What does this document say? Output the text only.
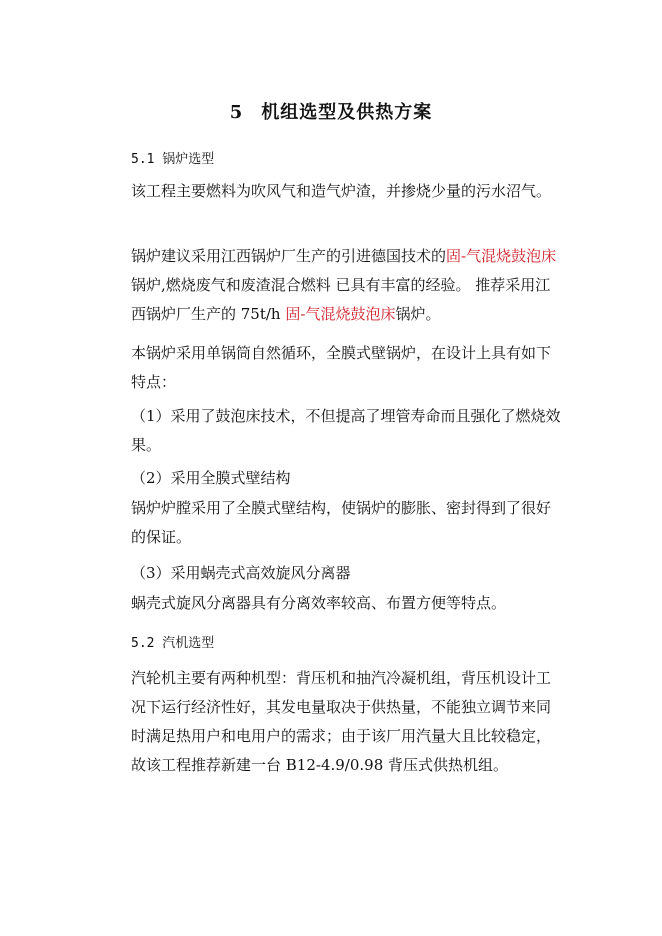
5 机组选型及供热方案
5.1 锅炉选型

该工程主要燃料为吹风气和造气炉渣，并掺烧少量的污水沼气。

锅炉建议采用江西锅炉厂生产的引进德国技术的固-气混烧鼓泡床锅炉,燃烧废气和废渣混合燃料 已具有丰富的经验。 推荐采用江西锅炉厂生产的 75t/h 固-气混烧鼓泡床锅炉。

本锅炉采用单锅筒自然循环，全膜式壁锅炉，在设计上具有如下特点：

（1）采用了鼓泡床技术，不但提高了埋管寿命而且强化了燃烧效果。

（2）采用全膜式壁结构

锅炉炉膛采用了全膜式壁结构，使锅炉的膨胀、密封得到了很好的保证。

（3）采用蜗壳式高效旋风分离器

蜗壳式旋风分离器具有分离效率较高、布置方便等特点。

5.2 汽机选型

汽轮机主要有两种机型：背压机和抽汽冷凝机组，背压机设计工况下运行经济性好，其发电量取决于供热量，不能独立调节来同时满足热用户和电用户的需求；由于该厂用汽量大且比较稳定，故该工程推荐新建一台 B12-4.9/0.98 背压式供热机组。
